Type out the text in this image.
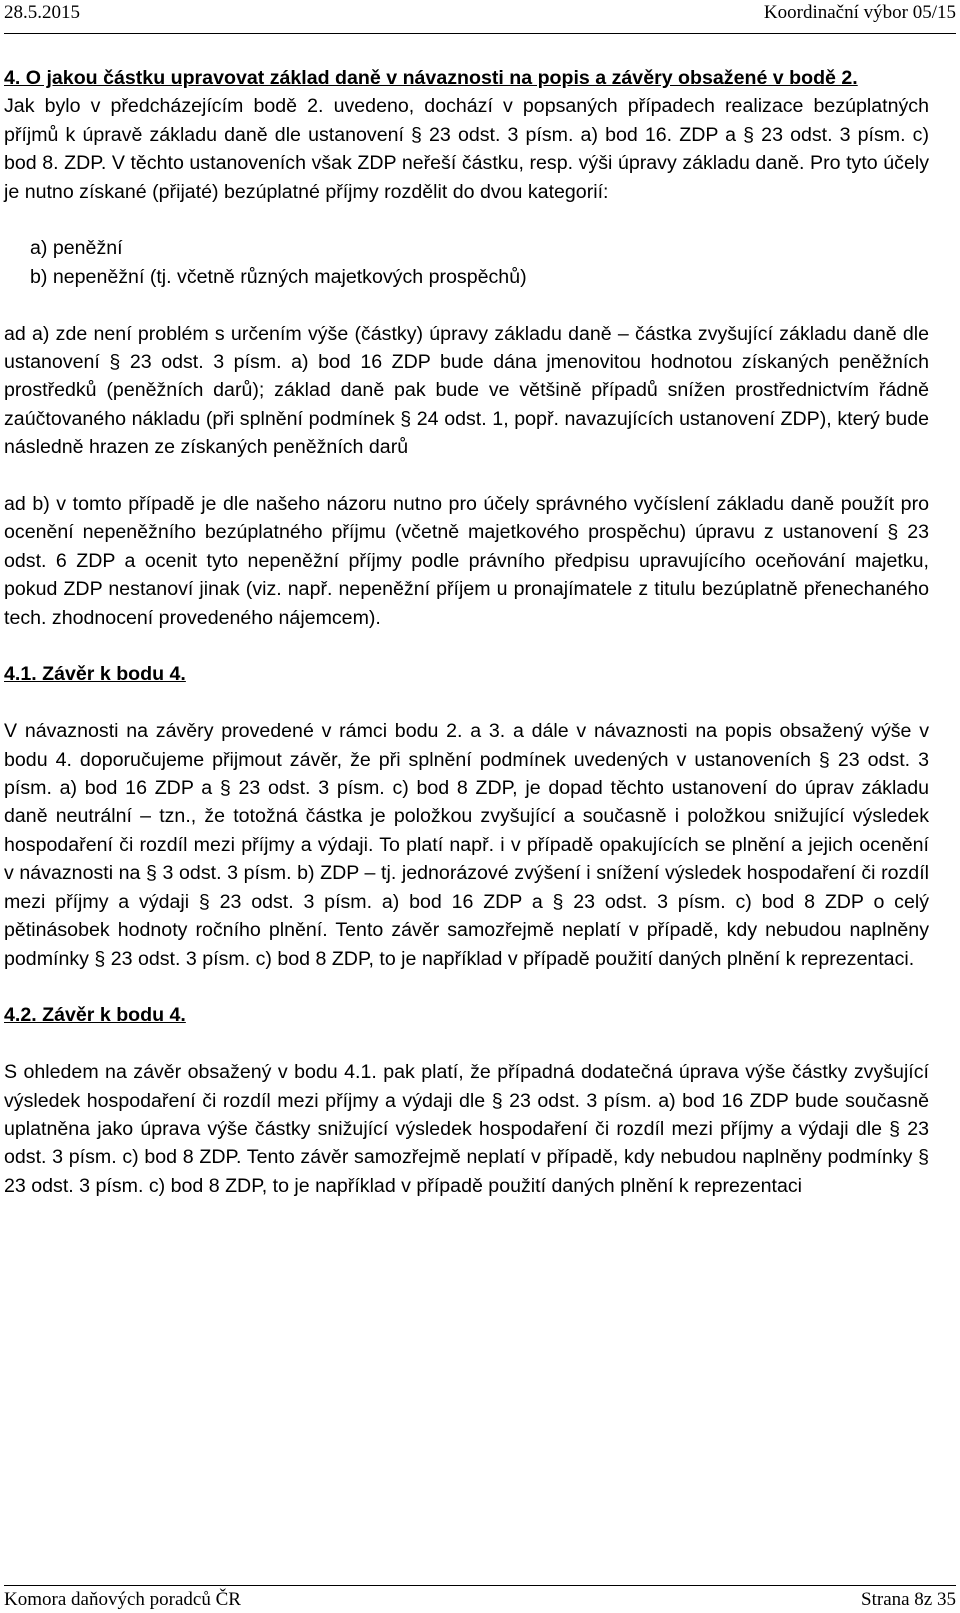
28.5.2015	Koordinační výbor 05/15

4. O jakou částku upravovat základ daně v návaznosti na popis a závěry obsažené v bodě 2.

Jak bylo v předcházejícím bodě 2. uvedeno, dochází v popsaných případech realizace bezúplatných příjmů k úpravě základu daně dle ustanovení § 23 odst. 3 písm. a) bod 16. ZDP a § 23 odst. 3 písm. c) bod 8. ZDP. V těchto ustanoveních však ZDP neřeší částku, resp. výši úpravy základu daně. Pro tyto účely je nutno získané (přijaté) bezúplatné příjmy rozdělit do dvou kategorií:

a) peněžní

b) nepeněžní (tj. včetně různých majetkových prospěchů)

ad a) zde není problém s určením výše (částky) úpravy základu daně – částka zvyšující základu daně dle ustanovení § 23 odst. 3 písm. a) bod 16 ZDP bude dána jmenovitou hodnotou získaných peněžních prostředků (peněžních darů); základ daně pak bude ve většině případů snížen prostřednictvím řádně zaúčtovaného nákladu (při splnění podmínek § 24 odst. 1, popř. navazujících ustanovení ZDP), který bude následně hrazen ze získaných peněžních darů

ad b) v tomto případě je dle našeho názoru nutno pro účely správného vyčíslení základu daně použít pro ocenění nepeněžního bezúplatného příjmu (včetně majetkového prospěchu) úpravu z ustanovení § 23 odst. 6 ZDP a ocenit tyto nepeněžní příjmy podle právního předpisu upravujícího oceňování majetku, pokud ZDP nestanoví jinak (viz. např. nepeněžní příjem u pronajímatele z titulu bezúplatně přenechaného tech. zhodnocení provedeného nájemcem).

4.1. Závěr k bodu 4.

V návaznosti na závěry provedené v rámci bodu 2. a 3. a dále v návaznosti na popis obsažený výše v bodu 4. doporučujeme přijmout závěr, že při splnění podmínek uvedených v ustanoveních § 23 odst. 3 písm. a) bod 16 ZDP a § 23 odst. 3 písm. c) bod 8 ZDP, je dopad těchto ustanovení do úprav základu daně neutrální – tzn., že totožná částka je položkou zvyšující a současně i položkou snižující výsledek hospodaření či rozdíl mezi příjmy a výdaji. To platí např. i v případě opakujících se plnění a jejich ocenění v návaznosti na § 3 odst. 3 písm. b) ZDP – tj. jednorázové zvýšení i snížení výsledek hospodaření či rozdíl mezi příjmy a výdaji § 23 odst. 3 písm. a) bod 16 ZDP a § 23 odst. 3 písm. c) bod 8 ZDP o celý pětinásobek hodnoty ročního plnění. Tento závěr samozřejmě neplatí v případě, kdy nebudou naplněny podmínky § 23 odst. 3 písm. c) bod 8 ZDP, to je například v případě použití daných plnění k reprezentaci.

4.2. Závěr k bodu 4.

S ohledem na závěr obsažený v bodu 4.1. pak platí, že případná dodatečná úprava výše částky zvyšující výsledek hospodaření či rozdíl mezi příjmy a výdaji dle § 23 odst. 3 písm. a) bod 16 ZDP bude současně uplatněna jako úprava výše částky snižující výsledek hospodaření či rozdíl mezi příjmy a výdaji dle § 23 odst. 3 písm. c) bod 8 ZDP. Tento závěr samozřejmě neplatí v případě, kdy nebudou naplněny podmínky § 23 odst. 3 písm. c) bod 8 ZDP, to je například v případě použití daných plnění k reprezentaci

Komora daňových poradců ČR	Strana 8z 35
